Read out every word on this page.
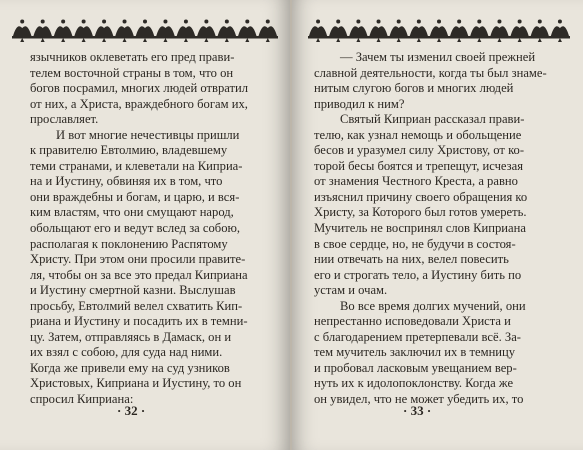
язычников оклеветать его пред прави-
телем восточной страны в том, что он
богов посрамил, многих людей отвратил
от них, а Христа, враждебного богам их,
прославляет.
И вот многие нечестивцы пришли
к правителю Евтолмию, владевшему
теми странами, и клеветали на Киприа-
на и Иустину, обвиняя их в том, что
они враждебны и богам, и царю, и вся-
ким властям, что они смущают народ,
обольщают его и ведут вслед за собою,
располагая к поклонению Распятому
Христу. При этом они просили правите-
ля, чтобы он за все это предал Киприана
и Иустину смертной казни. Выслушав
просьбу, Евтолмий велел схватить Кип-
риана и Иустину и посадить их в темни-
цу. Затем, отправляясь в Дамаск, он и
их взял с собою, для суда над ними.
Когда же привели ему на суд узников
Христовых, Киприана и Иустину, то он
спросил Киприана:
· 32 ·
— Зачем ты изменил своей прежней
славной деятельности, когда ты был знаме-
нитым слугою богов и многих людей
приводил к ним?
Святый Киприан рассказал прави-
телю, как узнал немощь и обольщение
бесов и уразумел силу Христову, от ко-
торой бесы боятся и трепещут, исчезая
от знамения Честного Креста, а равно
изъяснил причину своего обращения ко
Христу, за Которого был готов умереть.
Мучитель не воспринял слов Киприана
в свое сердце, но, не будучи в состоя-
нии отвечать на них, велел повесить
его и строгать тело, а Иустину бить по
устам и очам.
Во все время долгих мучений, они
непрестанно исповедовали Христа и
с благодарением претерпевали всё. За-
тем мучитель заключил их в темницу
и пробовал ласковым увещанием вер-
нуть их к идолопоклонству. Когда же
он увидел, что не может убедить их, то
· 33 ·
